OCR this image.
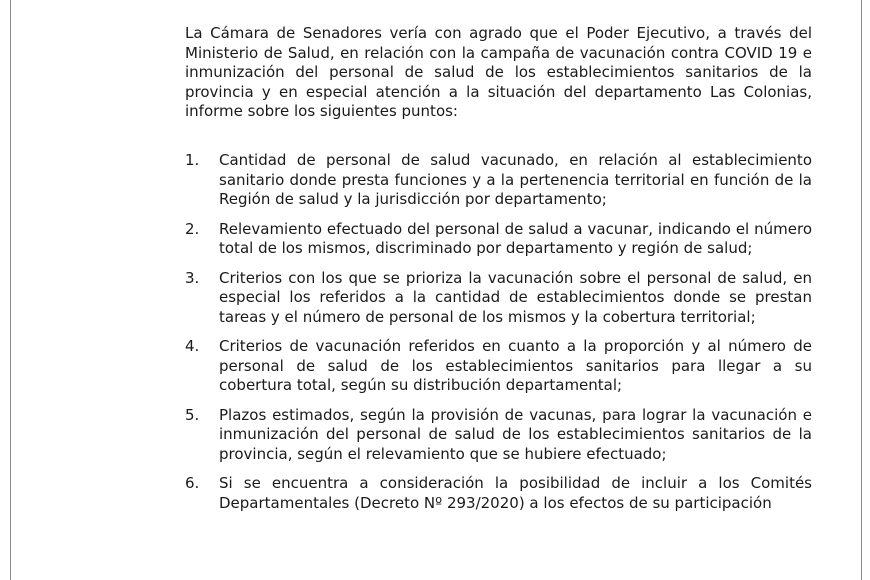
La Cámara de Senadores vería con agrado que el Poder Ejecutivo, a través del Ministerio de Salud, en relación con la campaña de vacunación contra COVID 19 e inmunización del personal de salud de los establecimientos sanitarios de la provincia y en especial atención a la situación del departamento Las Colonias, informe sobre los siguientes puntos:

1. Cantidad de personal de salud vacunado, en relación al establecimiento sanitario donde presta funciones y a la pertenencia territorial en función de la Región de salud y la jurisdicción por departamento;
2. Relevamiento efectuado del personal de salud a vacunar, indicando el número total de los mismos, discriminado por departamento y región de salud;
3. Criterios con los que se prioriza la vacunación sobre el personal de salud, en especial los referidos a la cantidad de establecimientos donde se prestan tareas y el número de personal de los mismos y la cobertura territorial;
4. Criterios de vacunación referidos en cuanto a la proporción y al número de personal de salud de los establecimientos sanitarios para llegar a su cobertura total, según su distribución departamental;
5. Plazos estimados, según la provisión de vacunas, para lograr la vacunación e inmunización del personal de salud de los establecimientos sanitarios de la provincia, según el relevamiento que se hubiere efectuado;
6. Si se encuentra a consideración la posibilidad de incluir a los Comités Departamentales (Decreto Nº 293/2020) a los efectos de su participación
